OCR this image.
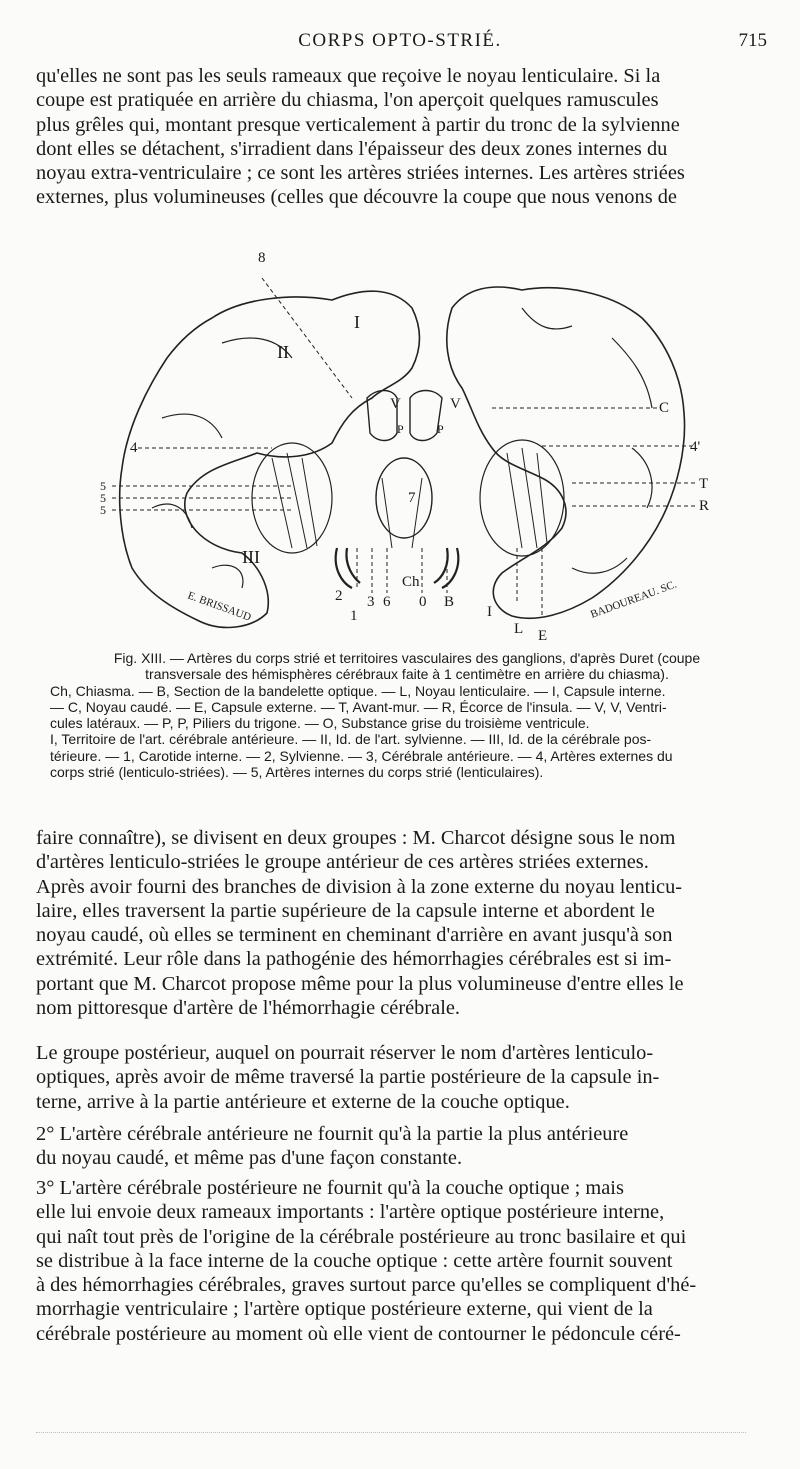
CORPS OPTO-STRIÉ.	715

qu'elles ne sont pas les seuls rameaux que reçoive le noyau lenticulaire. Si la
coupe est pratiquée en arrière du chiasma, l'on aperçoit quelques ramuscules
plus grêles qui, montant presque verticalement à partir du tronc de la sylvienne
dont elles se détachent, s'irradient dans l'épaisseur des deux zones internes du
noyau extra-ventriculaire ; ce sont les artères striées internes. Les artères striées
externes, plus volumineuses (celles que découvre la coupe que nous venons de

8
I
II
III
V	V
P	P
7
C
4'
4
T
R
5
5
5
Ch
2
1
3 6 0 B
I
L E
E. BRISSAUD	BADOUREAU. SC.
Fig. XIII. — Artères du corps strié et territoires vasculaires des ganglions, d'après Duret (coupe
transversale des hémisphères cérébraux faite à 1 centimètre en arrière du chiasma).
Ch, Chiasma. — B, Section de la bandelette optique. — L, Noyau lenticulaire. — I, Capsule interne.
— C, Noyau caudé. — E, Capsule externe. — T, Avant-mur. — R, Écorce de l'insula. — V, V, Ventri-
cules latéraux. — P, P, Piliers du trigone. — O, Substance grise du troisième ventricule.
I, Territoire de l'art. cérébrale antérieure. — II, Id. de l'art. sylvienne. — III, Id. de la cérébrale pos-
térieure. — 1, Carotide interne. — 2, Sylvienne. — 3, Cérébrale antérieure. — 4, Artères externes du
corps strié (lenticulo-striées). — 5, Artères internes du corps strié (lenticulaires).

faire connaître), se divisent en deux groupes : M. Charcot désigne sous le nom
d'artères lenticulo-striées le groupe antérieur de ces artères striées externes.
Après avoir fourni des branches de division à la zone externe du noyau lenticu-
laire, elles traversent la partie supérieure de la capsule interne et abordent le
noyau caudé, où elles se terminent en cheminant d'arrière en avant jusqu'à son
extrémité. Leur rôle dans la pathogénie des hémorrhagies cérébrales est si im-
portant que M. Charcot propose même pour la plus volumineuse d'entre elles le
nom pittoresque d'artère de l'hémorrhagie cérébrale.

Le groupe postérieur, auquel on pourrait réserver le nom d'artères lenticulo-
optiques, après avoir de même traversé la partie postérieure de la capsule in-
terne, arrive à la partie antérieure et externe de la couche optique.

2° L'artère cérébrale antérieure ne fournit qu'à la partie la plus antérieure
du noyau caudé, et même pas d'une façon constante.

3° L'artère cérébrale postérieure ne fournit qu'à la couche optique ; mais
elle lui envoie deux rameaux importants : l'artère optique postérieure interne,
qui naît tout près de l'origine de la cérébrale postérieure au tronc basilaire et qui
se distribue à la face interne de la couche optique : cette artère fournit souvent
à des hémorrhagies cérébrales, graves surtout parce qu'elles se compliquent d'hé-
morrhagie ventriculaire ; l'artère optique postérieure externe, qui vient de la
cérébrale postérieure au moment où elle vient de contourner le pédoncule céré-
